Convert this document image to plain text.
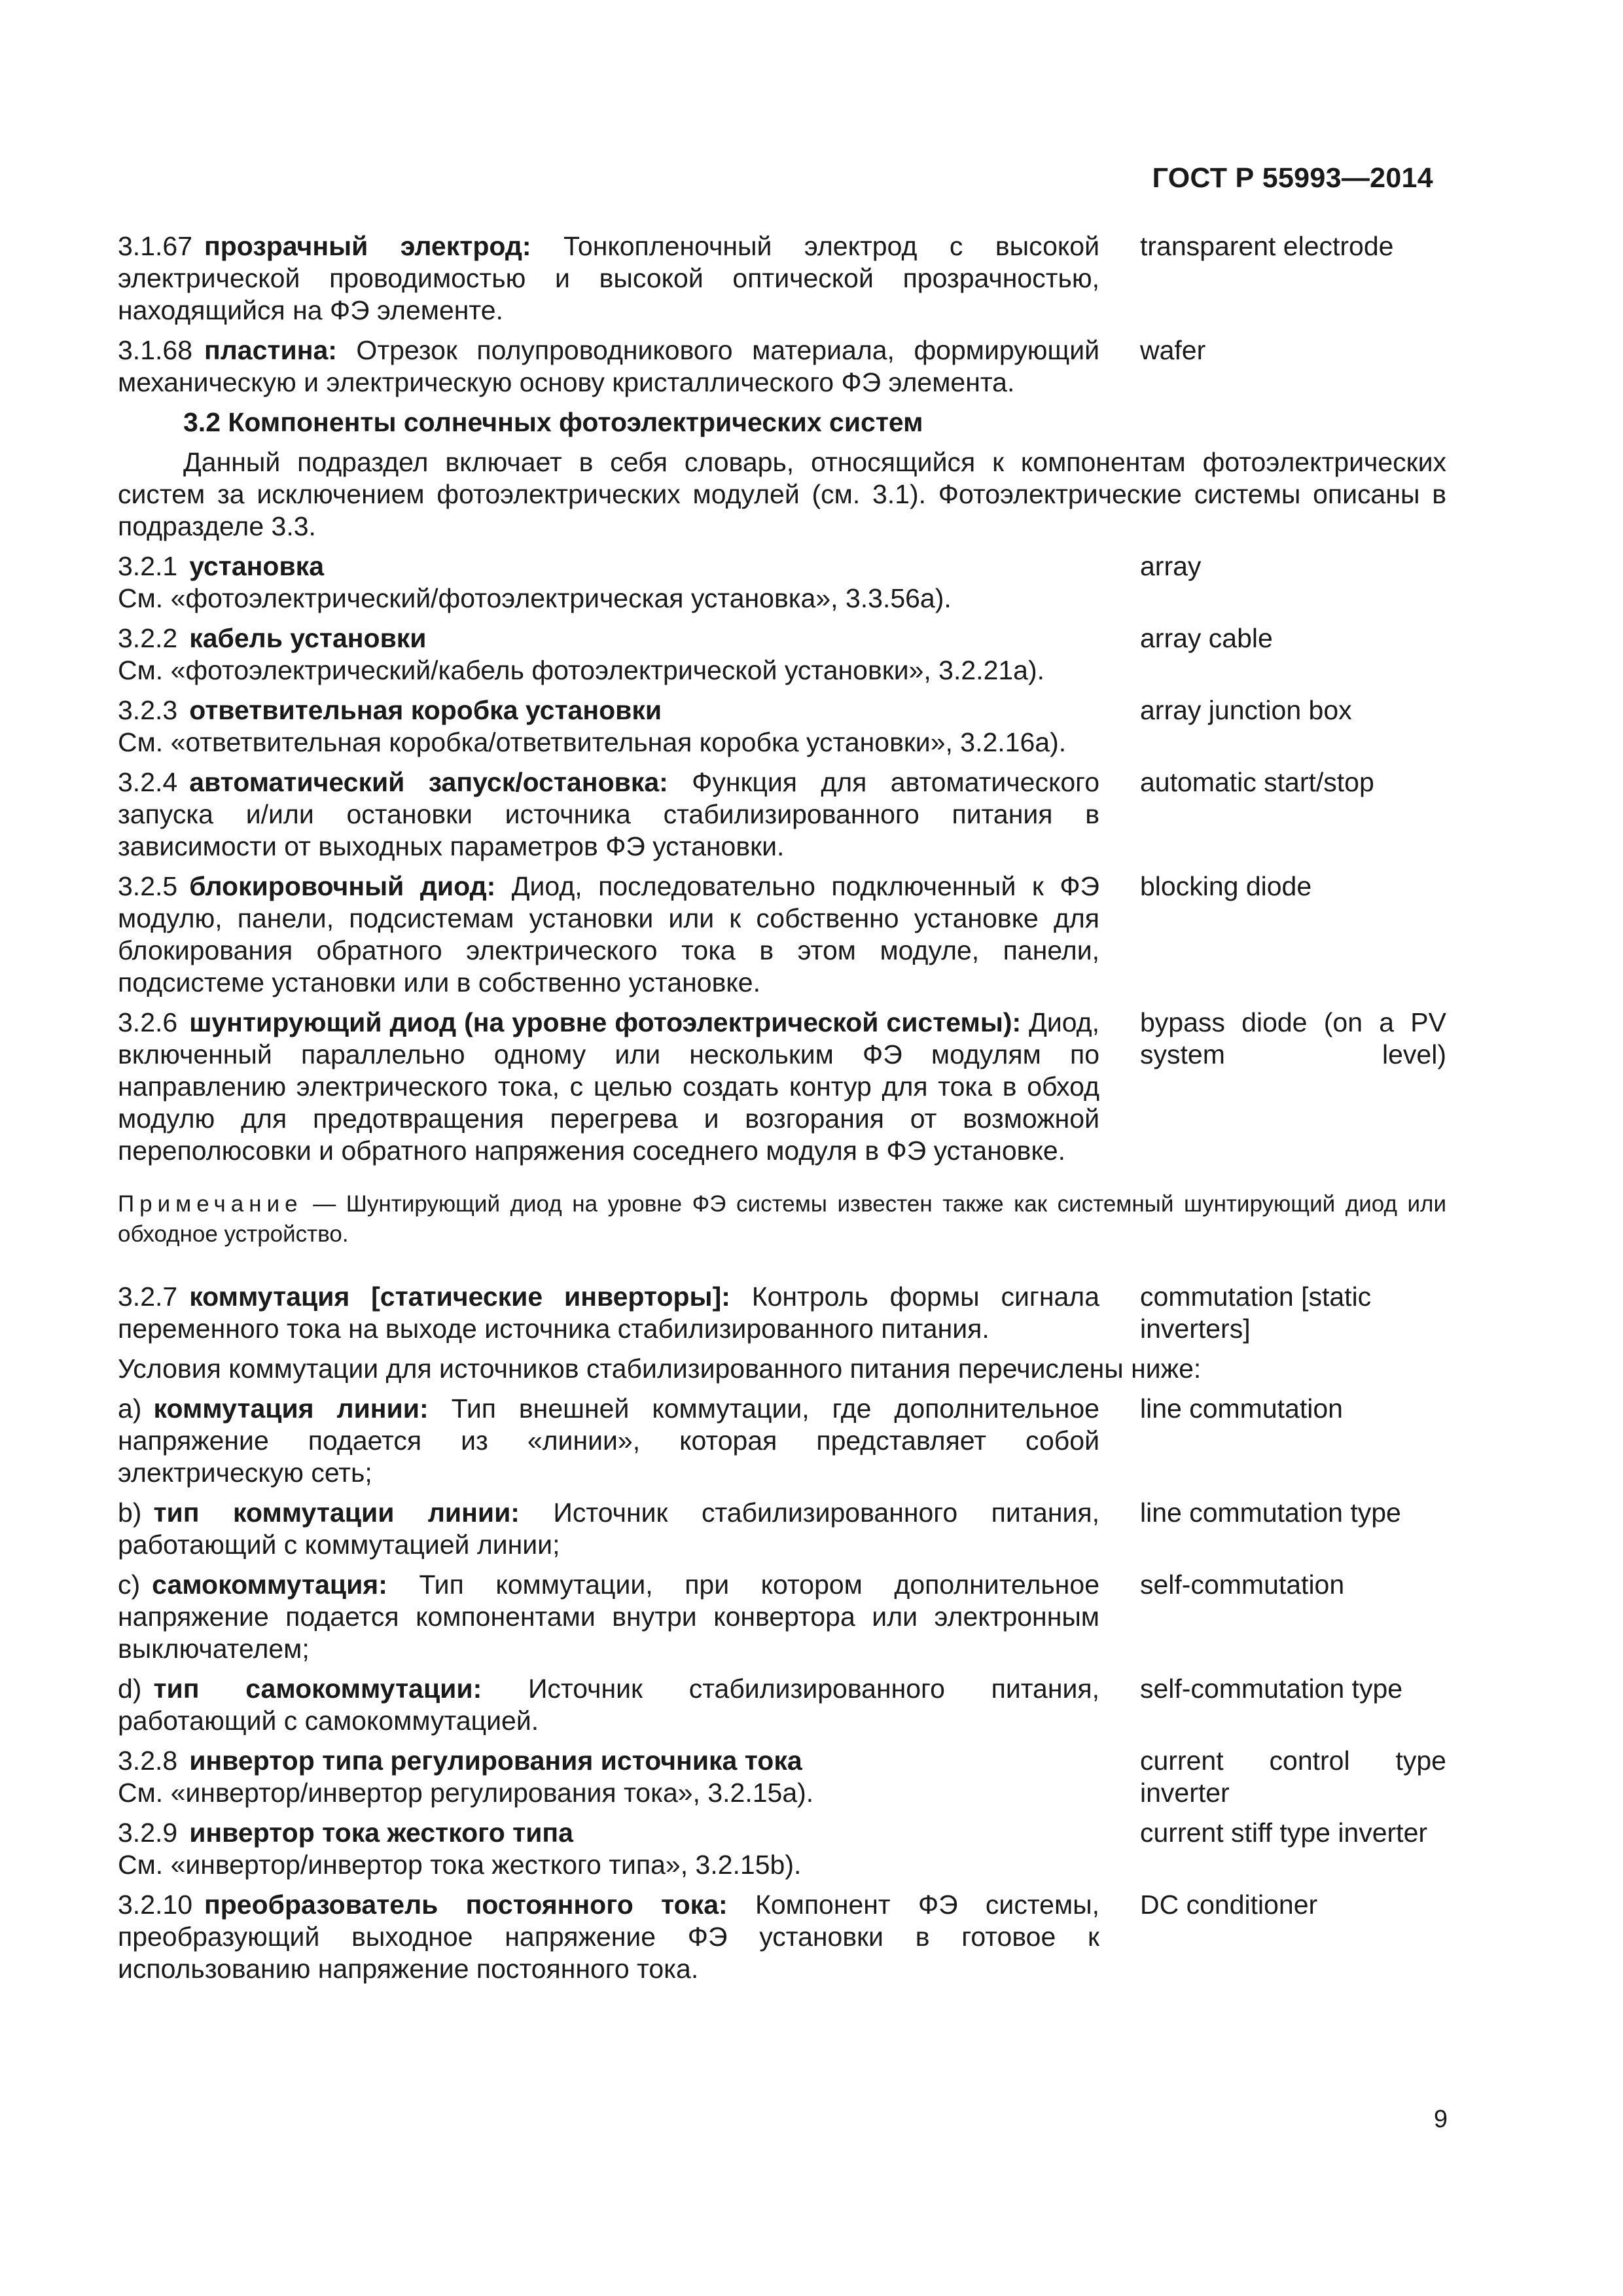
ГОСТ Р 55993—2014
3.1.67 прозрачный электрод: Тонкопленочный электрод с высокой электрической проводимостью и высокой оптической прозрачностью, находящийся на ФЭ элементе.
transparent electrode
3.1.68 пластина: Отрезок полупроводникового материала, формирующий механическую и электрическую основу кристаллического ФЭ элемента.
wafer
3.2 Компоненты солнечных фотоэлектрических систем
Данный подраздел включает в себя словарь, относящийся к компонентам фотоэлектрических систем за исключением фотоэлектрических модулей (см. 3.1). Фотоэлектрические системы описаны в подразделе 3.3.
3.2.1 установка
См. «фотоэлектрический/фотоэлектрическая установка», 3.3.56а).
array
3.2.2 кабель установки
См. «фотоэлектрический/кабель фотоэлектрической установки», 3.2.21а).
array cable
3.2.3 ответвительная коробка установки
См. «ответвительная коробка/ответвительная коробка установки», 3.2.16а).
array junction box
3.2.4 автоматический запуск/остановка: Функция для автоматического запуска и/или остановки источника стабилизированного питания в зависимости от выходных параметров ФЭ установки.
automatic start/stop
3.2.5 блокировочный диод: Диод, последовательно подключенный к ФЭ модулю, панели, подсистемам установки или к собственно установке для блокирования обратного электрического тока в этом модуле, панели, подсистеме установки или в собственно установке.
blocking diode
3.2.6 шунтирующий диод (на уровне фотоэлектрической системы): Диод, включенный параллельно одному или нескольким ФЭ модулям по направлению электрического тока, с целью создать контур для тока в обход модулю для предотвращения перегрева и возгорания от возможной переполюсовки и обратного напряжения соседнего модуля в ФЭ установке.
bypass diode (on a PV system level)
Примечание — Шунтирующий диод на уровне ФЭ системы известен также как системный шунтирующий диод или обходное устройство.
3.2.7 коммутация [статические инверторы]: Контроль формы сигнала переменного тока на выходе источника стабилизированного питания.
commutation [static inverters]
Условия коммутации для источников стабилизированного питания перечислены ниже:
а) коммутация линии: Тип внешней коммутации, где дополнительное напряжение подается из «линии», которая представляет собой электрическую сеть;
line commutation
b) тип коммутации линии: Источник стабилизированного питания, работающий с коммутацией линии;
line commutation type
c) самокоммутация: Тип коммутации, при котором дополнительное напряжение подается компонентами внутри конвертора или электронным выключателем;
self-commutation
d) тип самокоммутации: Источник стабилизированного питания, работающий с самокоммутацией.
self-commutation type
3.2.8 инвертор типа регулирования источника тока
См. «инвертор/инвертор регулирования тока», 3.2.15а).
current control type inverter
3.2.9 инвертор тока жесткого типа
См. «инвертор/инвертор тока жесткого типа», 3.2.15b).
current stiff type inverter
3.2.10 преобразователь постоянного тока: Компонент ФЭ системы, преобразующий выходное напряжение ФЭ установки в готовое к использованию напряжение постоянного тока.
DC conditioner
9
